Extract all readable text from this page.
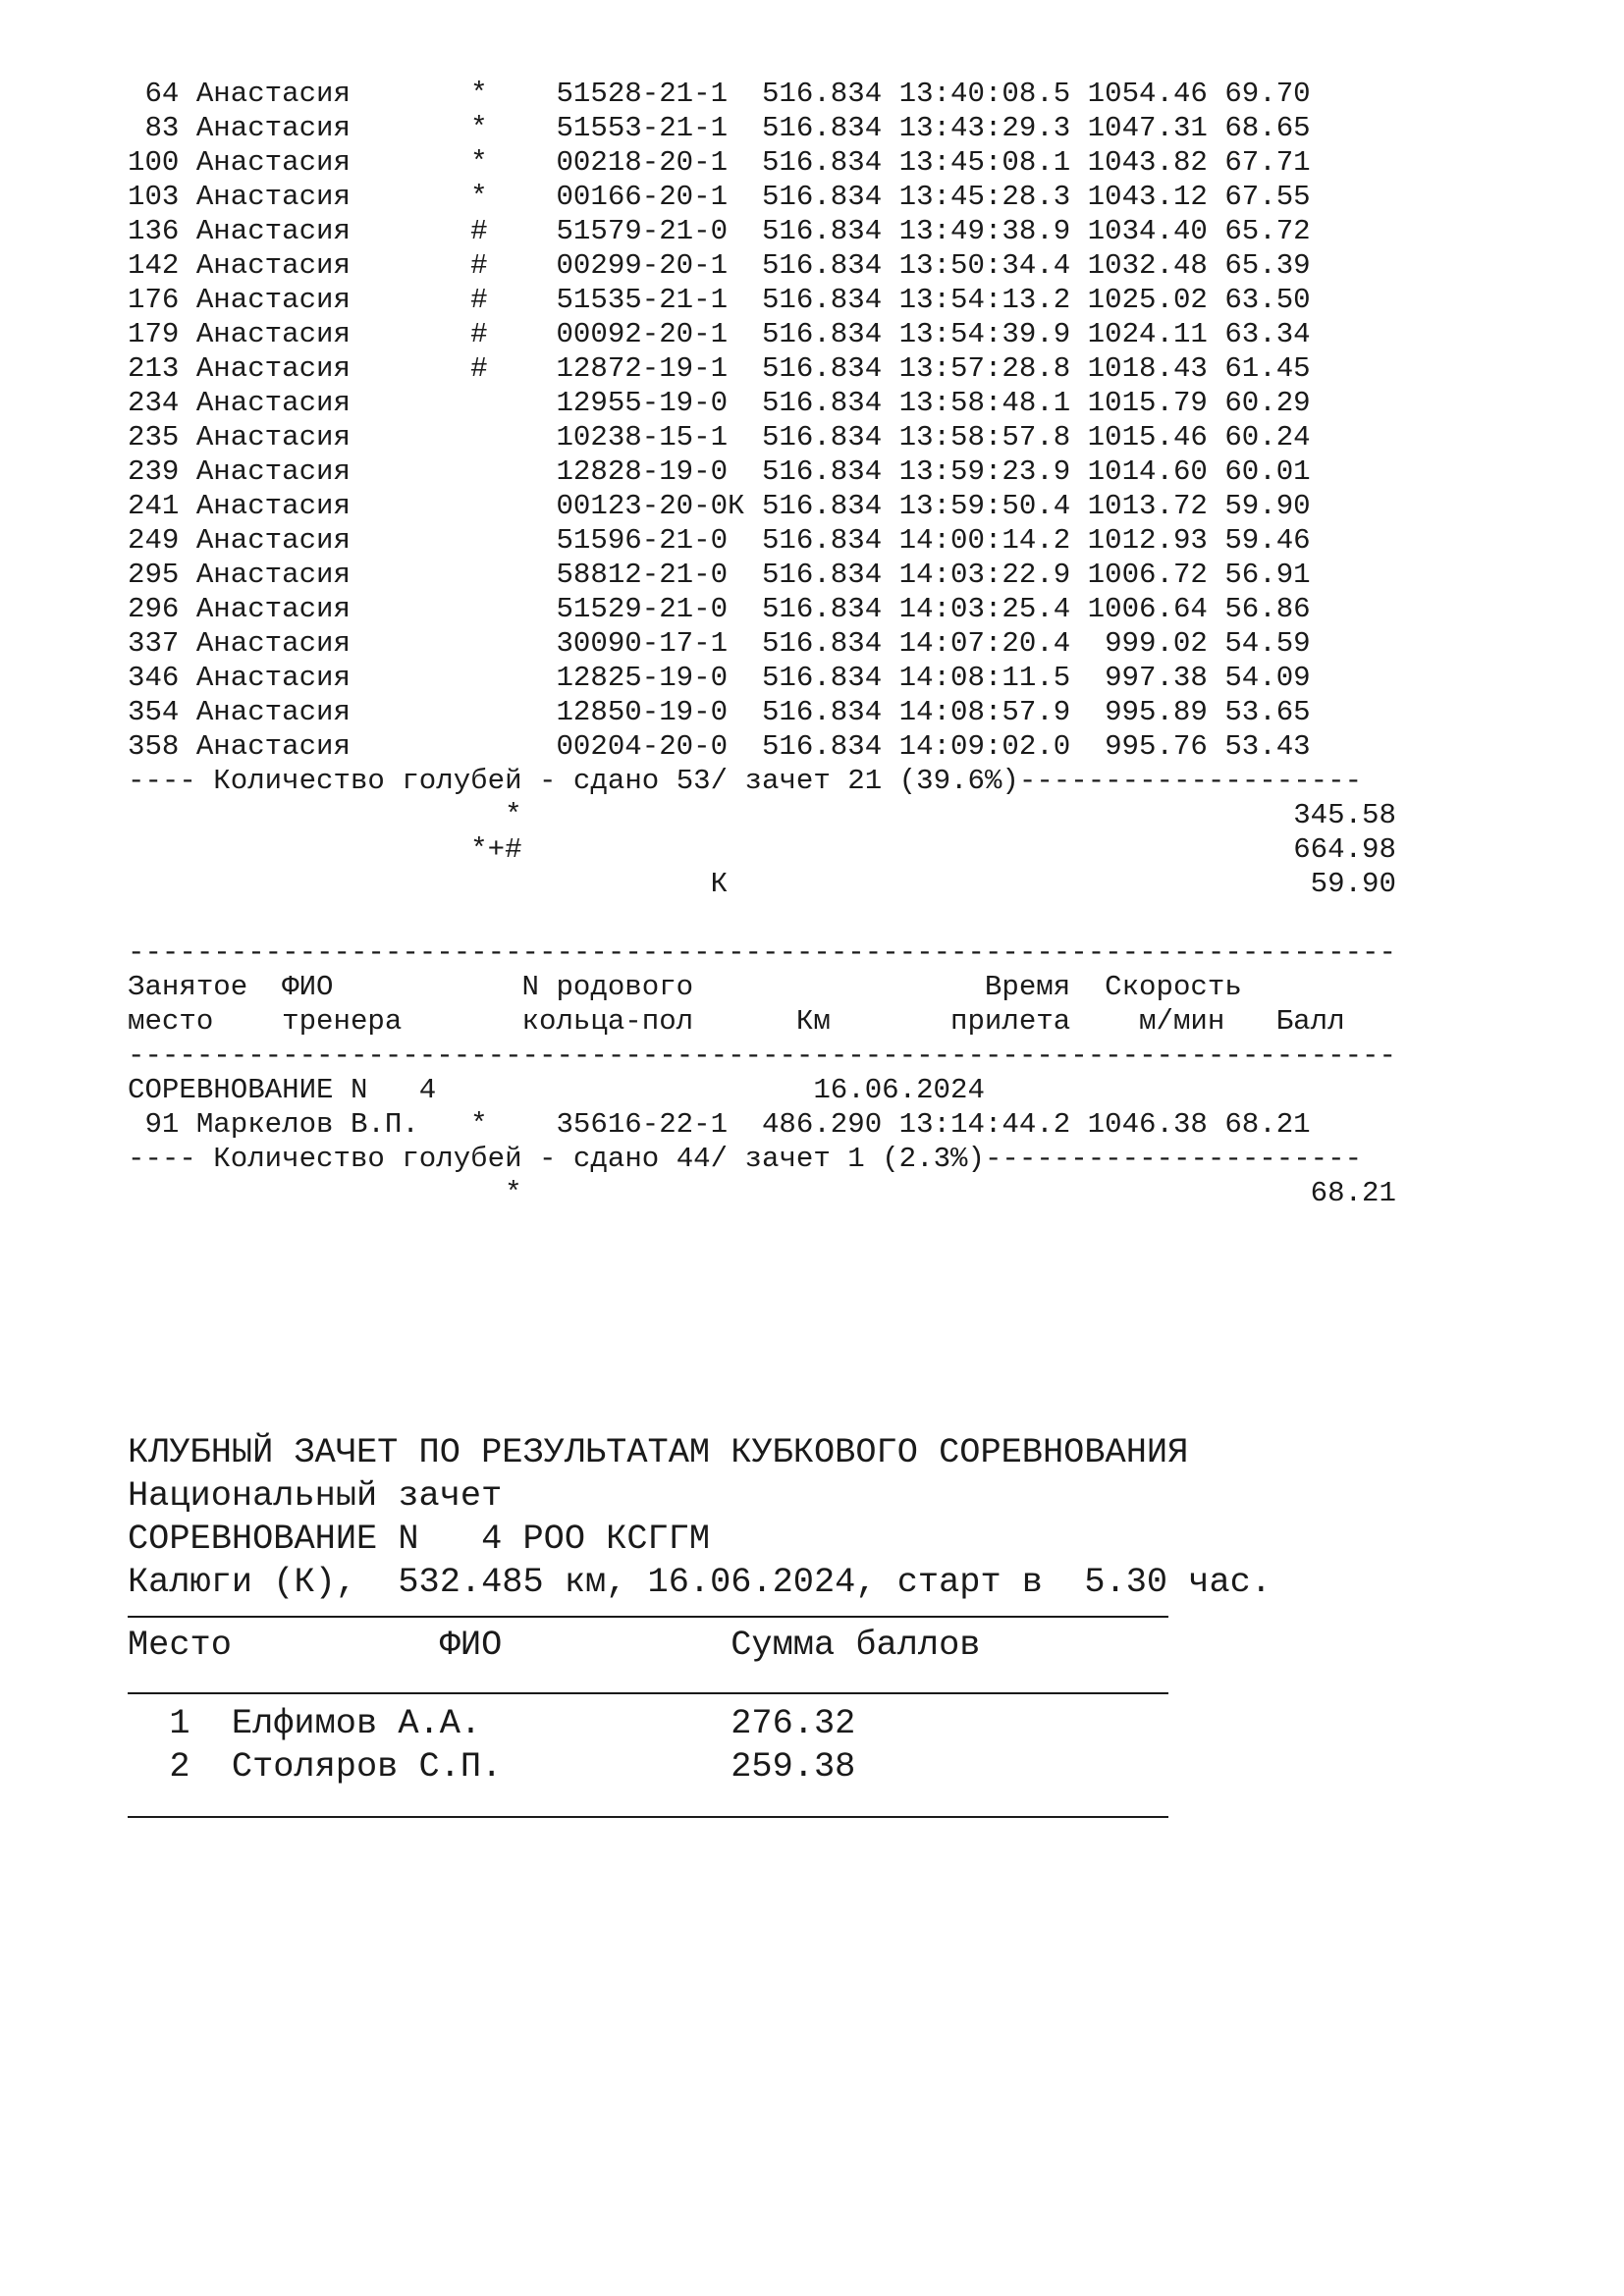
64 Анастасия	* 51528-21-1 516.834 13:40:08.5 1054.46 69.70
83 Анастасия	* 51553-21-1 516.834 13:43:29.3 1047.31 68.65
100 Анастасия	* 00218-20-1 516.834 13:45:08.1 1043.82 67.71
103 Анастасия	* 00166-20-1 516.834 13:45:28.3 1043.12 67.55
136 Анастасия	# 51579-21-0 516.834 13:49:38.9 1034.40 65.72
142 Анастасия	# 00299-20-1 516.834 13:50:34.4 1032.48 65.39
176 Анастасия	# 51535-21-1 516.834 13:54:13.2 1025.02 63.50
179 Анастасия	# 00092-20-1 516.834 13:54:39.9 1024.11 63.34
213 Анастасия	# 12872-19-1 516.834 13:57:28.8 1018.43 61.45
234 Анастасия	12955-19-0 516.834 13:58:48.1 1015.79 60.29
235 Анастасия	10238-15-1 516.834 13:58:57.8 1015.46 60.24
239 Анастасия	12828-19-0 516.834 13:59:23.9 1014.60 60.01
241 Анастасия	00123-20-0К 516.834 13:59:50.4 1013.72 59.90
249 Анастасия	51596-21-0 516.834 14:00:14.2 1012.93 59.46
295 Анастасия	58812-21-0 516.834 14:03:22.9 1006.72 56.91
296 Анастасия	51529-21-0 516.834 14:03:25.4 1006.64 56.86
337 Анастасия	30090-17-1 516.834 14:07:20.4 999.02 54.59
346 Анастасия	12825-19-0 516.834 14:08:11.5 997.38 54.09
354 Анастасия	12850-19-0 516.834 14:08:57.9 995.89 53.65
358 Анастасия	00204-20-0 516.834 14:09:02.0 995.76 53.43
---- Количество голубей - сдано 53/ зачет 21 (39.6%)--------------------
*	345.58
*+#	664.98
К	59.90
--------------------------------------------------------------------------
Занятое ФИО	N родового	Время Скорость
место тренера	кольца-пол	Км	прилета м/мин Балл
--------------------------------------------------------------------------
СОРЕВНОВАНИЕ N 4	16.06.2024
91 Маркелов В.П. * 35616-22-1 486.290 13:14:44.2 1046.38 68.21
---- Количество голубей - сдано 44/ зачет 1 (2.3%)----------------------
*	68.21
КЛУБНЫЙ ЗАЧЕТ ПО РЕЗУЛЬТАТАМ КУБКОВОГО СОРЕВНОВАНИЯ
Национальный зачет
СОРЕВНОВАНИЕ N   4 РОО КСГГМ
Калюги (К),  532.485 км, 16.06.2024, старт в  5.30 час.
Место	ФИО	Сумма баллов
1 Елфимов А.А.	276.32
2 Столяров С.П.	259.38
